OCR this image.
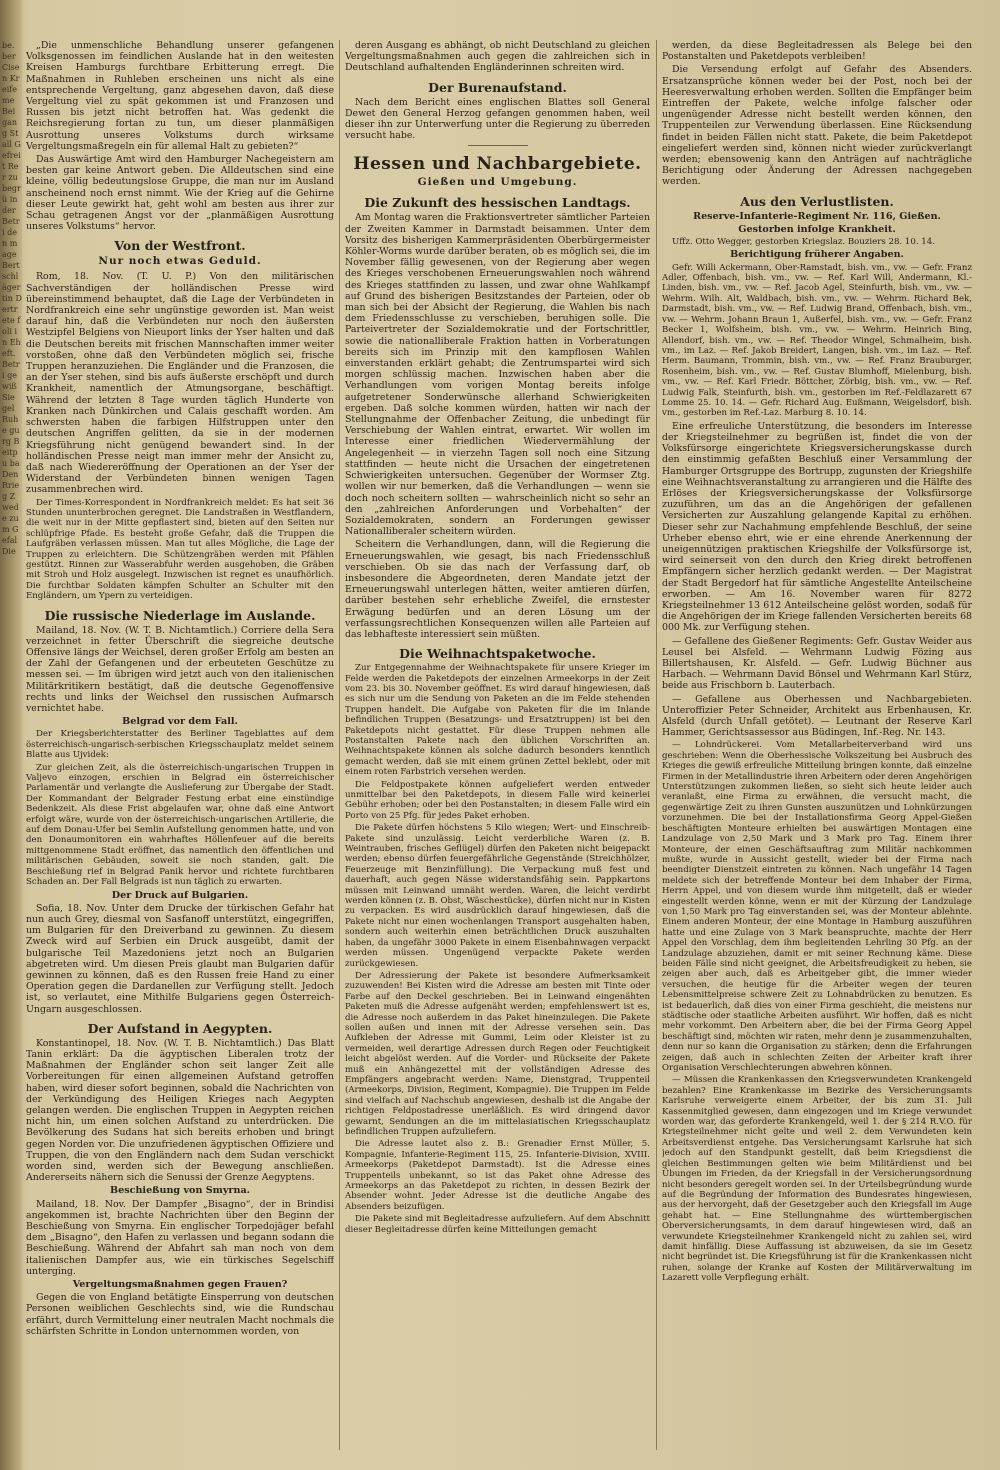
be. ber Cisen Kreife me Bei gang Stall Gefreit Rer zu begrü in der Betri den mage Bertschläger tin Dertrete foli in Eheft. Betri gewiß Sie gel Ruhe gurg Beitpu ba Den Rrieg Zwede zum Gefal Die

„Die unmenschliche Behandlung unserer gefangenen Volksgenossen im feindlichen Auslande hat in den weitesten Kreisen Hamburgs furchtbare Erbitterung erregt. Die Maßnahmen in Ruhleben erscheinen uns nicht als eine entsprechende Vergeltung, ganz abgesehen davon, daß diese Vergeltung viel zu spät gekommen ist und Franzosen und Russen bis jetzt nicht betroffen hat. Was gedenkt die Reichsregierung fortan zu tun, um dieser planmäßigen Ausrottung unseres Volkstums durch wirksame Vergeltungsmaßregeln ein für allemal Halt zu gebieten?“

Das Auswärtige Amt wird den Hamburger Nachegeistern am besten gar keine Antwort geben. Die Alldeutschen sind eine kleine, völlig bedeutungslose Gruppe, die man nur im Ausland anscheinend noch ernst nimmt. Wie der Krieg auf die Gehirne dieser Leute gewirkt hat, geht wohl am besten aus ihrer zur Schau getragenen Angst vor der „planmäßigen Ausrottung unseres Volkstums“ hervor.

Von der Westfront.
Nur noch etwas Geduld.

Rom, 18. Nov. (T. U. P.) Von den militärischen Sachverständigen der holländischen Presse wird übereinstimmend behauptet, daß die Lage der Verbündeten in Nordfrankreich eine sehr ungünstige geworden ist. Man weist darauf hin, daß die Verbündeten nur noch den äußersten Westzipfel Belgiens von Nieuport links der Yser halten und daß die Deutschen bereits mit frischen Mannschaften immer weiter vorstoßen, ohne daß den Verbündeten möglich sei, frische Truppen heranzuziehen. Die Engländer und die Franzosen, die an der Yser stehen, sind bis aufs äußerste erschöpft und durch Krankheit, namentlich der Atmungsorgane, beschäftigt. Während der letzten 8 Tage wurden täglich Hunderte von Kranken nach Dünkirchen und Calais geschafft worden. Am schwersten haben die farbigen Hilfstruppen unter den deutschen Angriffen gelitten, da sie in der modernen Kriegsführung nicht genügend bewandert sind. In der holländischen Presse neigt man immer mehr der Ansicht zu, daß nach Wiedereröffnung der Operationen an der Yser der Widerstand der Verbündeten binnen wenigen Tagen zusammenbrechen wird.

Der Times-Korrespondent in Nordfrankreich meldet: Es hat seit 36 Stunden ununterbrochen geregnet. Die Landstraßen in Westflandern, die weit nur in der Mitte gepflastert sind, bieten auf den Seiten nur schlüpfrige Pfade. Es besteht große Gefahr, daß die Truppen die Laufgräben verlassen müssen. Man tut alles Mögliche, die Lage der Truppen zu erleichtern. Die Schützengräben werden mit Pfählen gestützt. Rinnen zur Wasserabfuhr werden ausgehoben, die Gräben mit Stroh und Holz ausgelegt. Inzwischen ist regnet es unaufhörlich. Die furchtbar Soldaten kämpfen Schulter an Schulter mit den Engländern, um Ypern zu verteidigen.

Die russische Niederlage im Auslande.

Mailand, 18. Nov. (W. T. B. Nichtamtlich.) Corriere della Sera verzeichnet in fetter Überschrift die siegreiche deutsche Offensive längs der Weichsel, deren großer Erfolg am besten an der Zahl der Gefangenen und der erbeuteten Geschütze zu messen sei. — Im übrigen wird jetzt auch von den italienischen Militärkritikern bestätigt, daß die deutsche Gegenoffensive rechts und links der Weichsel den russischen Aufmarsch vernichtet habe.

Belgrad vor dem Fall.

Der Kriegsberichterstatter des Berliner Tageblattes auf dem österreichisch-ungarisch-serbischen Kriegsschauplatz meldet seinem Blatte aus Ujvidek:

Zur gleichen Zeit, als die österreichisch-ungarischen Truppen in Valjevo einzogen, erschien in Belgrad ein österreichischer Parlamentär und verlangte die Auslieferung zur Übergabe der Stadt. Der Kommandant der Belgrader Festung erbat eine einstündige Bedenkzeit. Als diese Frist abgelaufen war, ohne daß eine Antwort erfolgt wäre, wurde von der österreichisch-ungarischen Artillerie, die auf dem Donau-Ufer bei Semlin Aufstellung genommen hatte, und von den Donaumonitoren ein wahrhaftes Höllenfeuer auf die bereits mittgenommene Stadt eröffnet, das namentlich den öffentlichen und militärischen Gebäuden, soweit sie noch standen, galt. Die Beschießung rief in Belgrad Panik hervor und richtete furchtbaren Schaden an. Der Fall Belgrads ist nun täglich zu erwarten.

Der Druck auf Bulgarien.

Sofia, 18. Nov. Unter dem Drucke der türkischen Gefahr hat nun auch Grey, diesmal von Sasfanoff unterstützt, eingegriffen, um Bulgarien für den Dreiverband zu gewinnen. Zu diesem Zweck wird auf Serbien ein Druck ausgeübt, damit der bulgarische Teil Mazedoniens jetzt noch an Bulgarien abgetreten wird. Um diesen Preis glaubt man Bulgarien dafür gewinnen zu können, daß es den Russen freie Hand zu einer Operation gegen die Dardanellen zur Verfügung stellt. Jedoch ist, so verlautet, eine Mithilfe Bulgariens gegen Österreich-Ungarn ausgeschlossen.

Der Aufstand in Aegypten.

Konstantinopel, 18. Nov. (W. T. B. Nichtamtlich.) Das Blatt Tanin erklärt: Da die ägyptischen Liberalen trotz der Maßnahmen der Engländer schon seit langer Zeit alle Vorbereitungen für einen allgemeinen Aufstand getroffen haben, wird dieser sofort beginnen, sobald die Nachrichten von der Verkündigung des Heiligen Krieges nach Aegypten gelangen werden. Die englischen Truppen in Aegypten reichen nicht hin, um einen solchen Aufstand zu unterdrücken. Die Bevölkerung des Sudans hat sich bereits erhoben und bringt gegen Norden vor. Die unzufriedenen ägyptischen Offiziere und Truppen, die von den Engländern nach dem Sudan verschickt worden sind, werden sich der Bewegung anschließen. Andererseits nähern sich die Senussi der Grenze Aegyptens.

Beschießung von Smyrna.

Mailand, 18. Nov. Der Dampfer „Bisagno“, der in Brindisi angekommen ist, brachte Nachrichten über den Beginn der Beschießung von Smyrna. Ein englischer Torpedojäger befahl dem „Bisagno“, den Hafen zu verlassen und begann sodann die Beschießung. Während der Abfahrt sah man noch von dem italienischen Dampfer aus, wie ein türkisches Segelschiff unterging.

Vergeltungsmaßnahmen gegen Frauen?

Gegen die von England betätigte Einsperrung von deutschen Personen weiblichen Geschlechts sind, wie die Rundschau erfährt, durch Vermittelung einer neutralen Macht nochmals die schärfsten Schritte in London unternommen worden, von

deren Ausgang es abhängt, ob nicht Deutschland zu gleichen Vergeltungsmaßnahmen auch gegen die zahlreichen sich in Deutschland aufhaltenden Engländerinnen schreiten wird.

Der Burenaufstand.

Nach dem Bericht eines englischen Blattes soll General Dewet den General Herzog gefangen genommen haben, weil dieser ihn zur Unterwerfung unter die Regierung zu überreden versucht habe.

Hessen und Nachbargebiete.
Gießen und Umgebung.
Die Zukunft des hessischen Landtags.

Am Montag waren die Fraktionsvertreter sämtlicher Parteien der Zweiten Kammer in Darmstadt beisammen. Unter dem Vorsitz des bisherigen Kammerpräsidenten Oberbürgermeister Köhler-Worms wurde darüber beraten, ob es möglich sei, die im November fällig gewesenen, von der Regierung aber wegen des Krieges verschobenen Erneuerungswahlen noch während des Krieges stattfinden zu lassen, und zwar ohne Wahlkampf auf Grund des bisherigen Besitzstandes der Parteien, oder ob man sich bei der Absicht der Regierung, die Wahlen bis nach dem Friedensschlusse zu verschieben, beruhigen solle. Die Parteivertreter der Sozialdemokratie und der Fortschrittler, sowie die nationalliberale Fraktion hatten in Vorberatungen bereits sich im Prinzip mit den kampflosen Wahlen einverstanden erklärt gehabt; die Zentrumspartei wird sich morgen schlüssig machen. Inzwischen haben aber die Verhandlungen vom vorigen Montag bereits infolge aufgetretener Sonderwünsche allerhand Schwierigkeiten ergeben. Daß solche kommen würden, hatten wir nach der Stellungnahme der Offenbacher Zeitung, die unbedingt für Verschiebung der Wahlen eintrat, erwartet. Wir wollen im Interesse einer friedlichen Wiedervermählung der Angelegenheit — in vierzehn Tagen soll noch eine Sitzung stattfinden — heute nicht die Ursachen der eingetretenen Schwierigkeiten untersuchen. Gegenüber der Wormser Ztg. wollen wir nur bemerken, daß die Verhandlungen — wenn sie doch noch scheitern sollten — wahrscheinlich nicht so sehr an den „zahlreichen Anforderungen und Vorbehalten“ der Sozialdemokraten, sondern an Forderungen gewisser Nationalliberaler scheitern würden.

Scheitern die Verhandlungen, dann, will die Regierung die Erneuerungswahlen, wie gesagt, bis nach Friedensschluß verschieben. Ob sie das nach der Verfassung darf, ob insbesondere die Abgeordneten, deren Mandate jetzt der Erneuerungswahl unterlegen hätten, weiter amtieren dürfen, darüber bestehen sehr erhebliche Zweifel, die ernstester Erwägung bedürfen und an deren Lösung um der verfassungsrechtlichen Konsequenzen willen alle Parteien auf das lebhafteste interessiert sein müßten.

Die Weihnachtspaketwoche.

Zur Entgegennahme der Weihnachtspakete für unsere Krieger im Felde werden die Paketdepots der einzelnen Armeekorps in der Zeit vom 23. bis 30. November geöffnet. Es wird darauf hingewiesen, daß es sich nur um die Sendung von Paketen an die im Felde stehenden Truppen handelt. Die Aufgabe von Paketen für die im Inlande befindlichen Truppen (Besatzungs- und Ersatztruppen) ist bei den Paketdepots nicht gestattet. Für diese Truppen nehmen alle Postanstalten Pakete nach den üblichen Vorschriften an. Weihnachtspakete können als solche dadurch besonders kenntlich gemacht werden, daß sie mit einem grünen Zettel beklebt, oder mit einem roten Farbstrich versehen werden.

Die Feldpostpakete können aufgeliefert werden entweder unmittelbar bei den Paketdepots, in diesem Falle wird keinerlei Gebühr erhoben; oder bei den Postanstalten; in diesem Falle wird ein Porto von 25 Pfg. für jedes Paket erhoben.

Die Pakete dürfen höchstens 5 Kilo wiegen; Wert- und Einschreib-Pakete sind unzulässig. Leicht verderbliche Waren (z. B. Weintrauben, frisches Geflügel) dürfen den Paketen nicht beigepackt werden; ebenso dürfen feuergefährliche Gegenstände (Streichhölzer, Feuerzeuge mit Benzinfüllung). Die Verpackung muß fest und dauerhaft, auch gegen Nässe widerstandsfähig sein. Pappkartons müssen mit Leinwand umnäht werden. Waren, die leicht verdirbt werden können (z. B. Obst, Wäschestücke), dürfen nicht nur in Kisten zu verpacken. Es wird ausdrücklich darauf hingewiesen, daß die Pakete nicht nur einen wochenlangen Transport ausgehalten haben, sondern auch weiterhin einen beträchtlichen Druck auszuhalten haben, da ungefähr 3000 Pakete in einem Eisenbahnwagen verpackt werden müssen. Ungenügend verpackte Pakete werden zurückgewiesen.

Der Adressierung der Pakete ist besondere Aufmerksamkeit zuzuwenden! Bei Kisten wird die Adresse am besten mit Tinte oder Farbe auf den Deckel geschrieben. Bei in Leinwand eingenähten Paketen muß die Adresse aufgenäht werden; empfehlenswert ist es, die Adresse noch außerdem in das Paket hineinzulegen. Die Pakete sollen außen und innen mit der Adresse versehen sein. Das Aufkleben der Adresse mit Gummi, Leim oder Kleister ist zu vermeiden, weil derartige Adressen durch Regen oder Feuchtigkeit leicht abgelöst werden. Auf die Vorder- und Rückseite der Pakete muß ein Anhängezettel mit der vollständigen Adresse des Empfängers angebracht werden: Name, Dienstgrad, Truppenteil (Armeekorps, Division, Regiment, Kompagnie). Die Truppen im Felde sind vielfach auf Nachschub angewiesen, deshalb ist die Angabe der richtigen Feldpostadresse unerläßlich. Es wird dringend davor gewarnt, Sendungen an die im mittelasiatischen Kriegsschauplatz befindlichen Truppen aufzuliefern.

Die Adresse lautet also z. B.: Grenadier Ernst Müller, 5. Kompagnie, Infanterie-Regiment 115, 25. Infanterie-Division, XVIII. Armeekorps (Paketdepot Darmstadt). Ist die Adresse eines Truppenteils unbekannt, so ist das Paket ohne Adresse des Armeekorps an das Paketdepot zu richten, in dessen Bezirk der Absender wohnt. Jeder Adresse ist die deutliche Angabe des Absenders beizufügen.

Die Pakete sind mit Begleitadresse aufzuliefern. Auf dem Abschnitt dieser Begleitadresse dürfen keine Mitteilungen gemacht

werden, da diese Begleitadressen als Belege bei den Postanstalten und Paketdepots verbleiben!

Die Versendung erfolgt auf Gefahr des Absenders. Ersatzansprüche können weder bei der Post, noch bei der Heeresverwaltung erhoben werden. Sollten die Empfänger beim Eintreffen der Pakete, welche infolge falscher oder ungenügender Adresse nicht bestellt werden können, den Truppenteilen zur Verwendung überlassen. Eine Rücksendung findet in beiden Fällen nicht statt. Pakete, die beim Paketdepot eingeliefert werden sind, können nicht wieder zurückverlangt werden; ebensowenig kann den Anträgen auf nachträgliche Berichtigung oder Änderung der Adressen nachgegeben werden.

Aus den Verlustlisten.
Reserve-Infanterie-Regiment Nr. 116, Gießen.
Gestorben infolge Krankheit.

Uffz. Otto Wegger, gestorben Kriegslaz. Bouziers 28. 10. 14.

Berichtigung früherer Angaben.

Gefr. Willi Ackermann, Ober-Ramstadt, bish. vm., vw. — Gefr. Franz Adler, Offenbach, bish. vm., vw. — Ref. Karl Will, Andermann, Kl.-Linden, bish. vm., vw. — Ref. Jacob Agel, Steinfurth, bish. vm., vw. — Wehrm. Wilh. Alt, Waldbach, bish. vm., vw. — Wehrm. Richard Bek, Darmstadt, bish. vm., vw. — Ref. Ludwig Brand, Offenbach, bish. vm., vw. — Wehrm. Johann Braun 1, Außerfel, bish. vm., vw. — Gefr. Franz Becker 1, Wolfsheim, bish. vm., vw. — Wehrm. Heinrich Bing, Allendorf, bish. vm., vw. — Ref. Theodor Wingel, Schmalheim, bish. vm., im Laz. — Ref. Jakob Breidert, Langen, bish. vm., im Laz. — Ref. Herm. Baumann, Trommin, bish. vm., vw. — Ref. Franz Brauburger, Rosenheim, bish. vm., vw. — Ref. Gustav Blumhoff, Mielenburg, bish. vm., vw. — Ref. Karl Friedr. Böttcher, Zörbig, bish. vm., vw. — Ref. Ludwig Falk, Steinfurth, bish. vm., gestorben im Ref.-Feldlazarett 67 Lomme 25. 10. 14. — Gefr. Richard Aug. Eußmann, Weigelsdorf, bish. vm., gestorben im Ref.-Laz. Marburg 8. 10. 14.

Eine erfreuliche Unterstützung, die besonders im Interesse der Kriegsteilnehmer zu begrüßen ist, findet die von der Volksfürsorge eingerichtete Kriegsversicherungskasse durch den einstimmig gefaßten Beschluß einer Versammlung der Hamburger Ortsgruppe des Bortrupp, zugunsten der Kriegshilfe eine Weihnachtsveranstaltung zu arrangieren und die Hälfte des Erlöses der Kriegsversicherungskasse der Volksfürsorge zuzuführen, um das an die Angehörigen der gefallenen Versicherten zur Auszahlung gelangende Kapital zu erhöhen. Dieser sehr zur Nachahmung empfehlende Beschluß, der seine Urheber ebenso ehrt, wie er eine ehrende Anerkennung der uneigennützigen praktischen Kriegshilfe der Volksfürsorge ist, wird seinerseit von den durch den Krieg direkt betroffenen Empfängern sicher herzlich gedankt werden. — Der Magistrat der Stadt Bergedorf hat für sämtliche Angestellte Anteilscheine erworben. — Am 16. November waren für 8272 Kriegsteilnehmer 13 612 Anteilscheine gelöst worden, sodaß für die Angehörigen der im Kriege fallenden Versicherten bereits 68 000 Mk. zur Verfügung stehen.

— Gefallene des Gießener Regiments: Gefr. Gustav Weider aus Leusel bei Alsfeld. — Wehrmann Ludwig Fözing aus Billertshausen, Kr. Alsfeld. — Gefr. Ludwig Büchner aus Harbach. — Wehrmann David Bönsel und Wehrmann Karl Stürz, beide aus Frischborn b. Lauterbach.

— Gefallene aus Oberhessen und Nachbargebieten. Unteroffizier Peter Schneider, Architekt aus Erbenhausen, Kr. Alsfeld (durch Unfall getötet). — Leutnant der Reserve Karl Hammer, Gerichtsassessor aus Büdingen, Inf.-Reg. Nr. 143.

— Lohndrückerei. Vom Metallarbeiterverband wird uns geschrieben: Wenn die Oberhessische Volkszeitung bei Ausbruch des Krieges die gewiß erfreuliche Mitteilung bringen konnte, daß einzelne Firmen in der Metallindustrie ihren Arbeitern oder deren Angehörigen Unterstützungen zukommen ließen, so sieht sich heute leider auch veranlaßt, eine Firma zu erwähnen, die versucht macht, die gegenwärtige Zeit zu ihren Gunsten auszunützen und Lohnkürzungen vorzunehmen. Die bei der Installationsfirma Georg Appel-Gießen beschäftigten Monteure erhielten bei auswärtigen Montagen eine Landzulage von 2,50 Mark und 3 Mark pro Tag. Einem ihrer Monteure, der einen Geschäftsauftrag zum Militär nachkommen mußte, wurde in Aussicht gestellt, wieder bei der Firma nach beendigter Dienstzeit eintreten zu können. Nach ungefähr 14 Tagen meldete sich der betreffende Monteur bei dem Inhaber der Firma, Herrn Appel, und von diesem wurde ihm mitgeteilt, daß er wieder eingestellt werden könne, wenn er mit der Kürzung der Landzulage von 1,50 Mark pro Tag einverstanden sei, was der Monteur ablehnte. Einem anderen Monteur, der eine Montage in Hamburg auszuführen hatte und eine Zulage von 3 Mark beanspruchte, machte der Herr Appel den Vorschlag, dem ihm begleitenden Lehrling 30 Pfg. an der Landzulage abzuziehen, damit er mit seiner Rechnung käme. Diese beiden Fälle sind nicht geeignet, die Arbeitsfreudigkeit zu heben, sie zeigen aber auch, daß es Arbeitgeber gibt, die immer wieder versuchen, die heutige für die Arbeiter wegen der teuren Lebensmittelpreise schwere Zeit zu Lohnabdrücken zu benutzen. Es ist bedauerlich, daß dies von einer Firma geschieht, die meistens nur städtische oder staatliche Arbeiten ausführt. Wir hoffen, daß es nicht mehr vorkommt. Den Arbeitern aber, die bei der Firma Georg Appel beschäftigt sind, möchten wir raten, mehr denn je zusammenzuhalten, denn nur so kann die Organisation zu stärken; denn die Erfahrungen zeigen, daß auch in schlechten Zeiten der Arbeiter kraft ihrer Organisation Verschlechterungen abwehren können.

— Müssen die Krankenkassen den Kriegsverwundeten Krankengeld bezahlen? Eine Krankenkasse im Bezirke des Versicherungsamts Karlsruhe verweigerte einem Arbeiter, der bis zum 31. Juli Kassenmitglied gewesen, dann eingezogen und im Kriege verwundet worden war, das geforderte Krankengeld, weil 1. der § 214 R.V.O. für Kriegsteilnehmer nicht gelte und weil 2. dem Verwundeten kein Arbeitsverdienst entgehe. Das Versicherungsamt Karlsruhe hat sich jedoch auf den Standpunkt gestellt, daß beim Kriegsdienst die gleichen Bestimmungen gelten wie beim Militärdienst und bei Übungen im Frieden, da der Kriegsfall in der Versicherungsordnung nicht besonders geregelt worden sei. In der Urteilsbegründung wurde auf die Begründung der Information des Bundesrates hingewiesen, aus der hervorgeht, daß der Gesetzgeber auch den Kriegsfall im Auge gehabt hat. — Eine Stellungnahme des württembergischen Oberversicherungsamts, in dem darauf hingewiesen wird, daß an verwundete Kriegsteilnehmer Krankengeld nicht zu zahlen sei, wird damit hinfällig. Diese Auffassung ist abzuweisen, da sie im Gesetz nicht begründet ist. Die Kriegsführung ist für die Krankenkassen nicht ruhen, solange der Kranke auf Kosten der Militärverwaltung im Lazarett volle Verpflegung erhält.
